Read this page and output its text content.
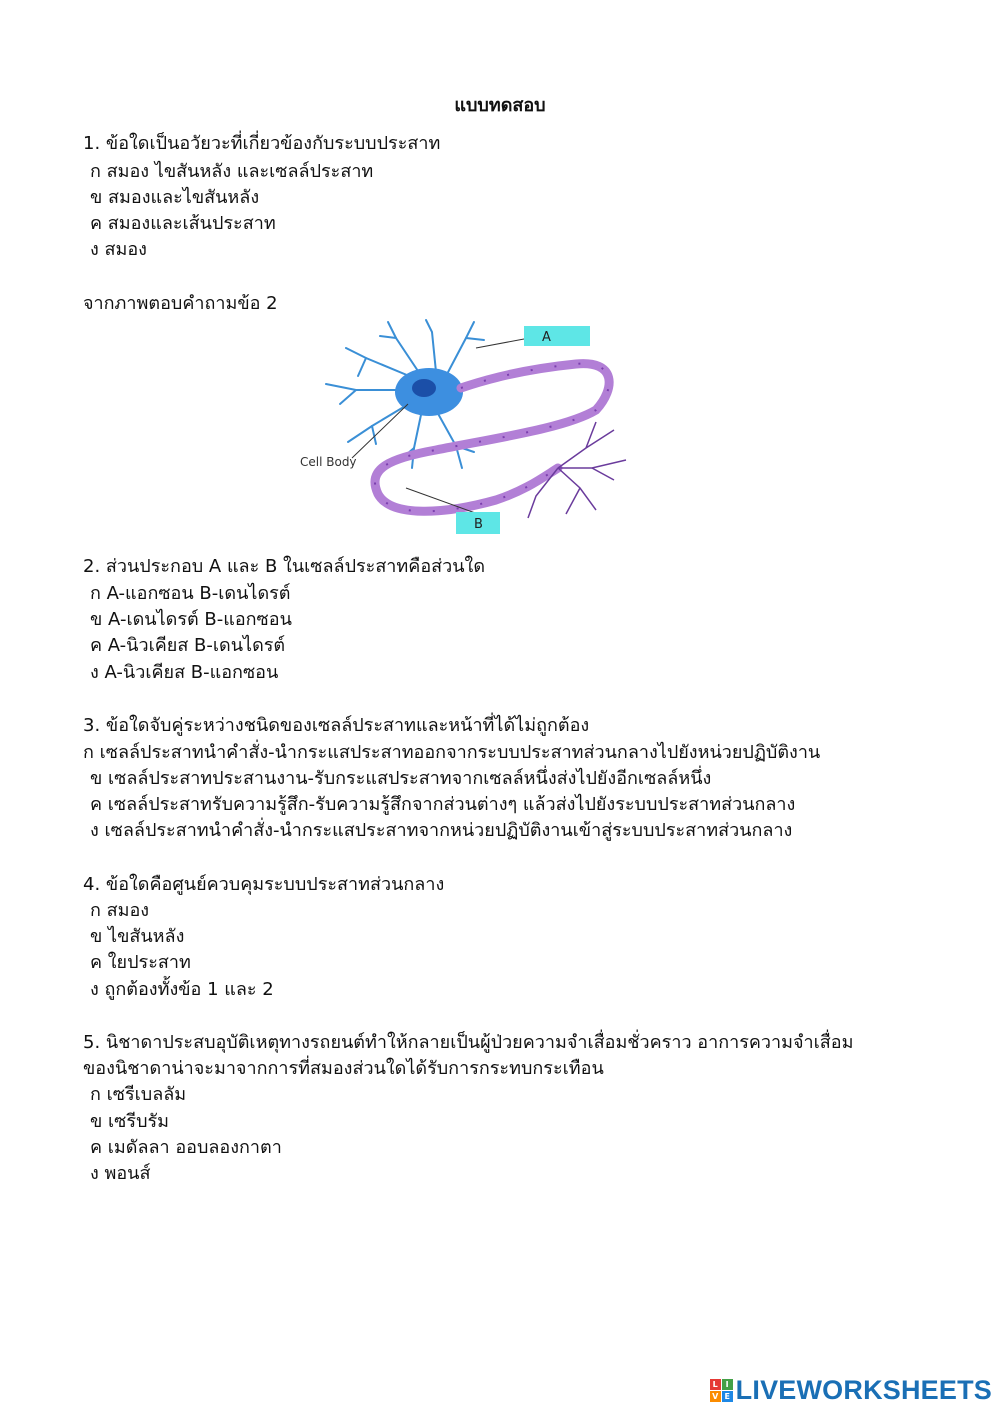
แบบทดสอบ
1. ข้อใดเป็นอวัยวะที่เกี่ยวข้องกับระบบประสาท
ก สมอง ไขสันหลัง และเซลล์ประสาท
ข สมองและไขสันหลัง
ค สมองและเส้นประสาท
ง สมอง
จากภาพตอบคำถามข้อ 2
A
B
Cell Body
2. ส่วนประกอบ A และ B ในเซลล์ประสาทคือส่วนใด
ก A-แอกซอน B-เดนไดรต์
ข A-เดนไดรต์ B-แอกซอน
ค A-นิวเคียส B-เดนไดรต์
ง A-นิวเคียส B-แอกซอน
3. ข้อใดจับคู่ระหว่างชนิดของเซลล์ประสาทและหน้าที่ได้ไม่ถูกต้อง
ก เซลล์ประสาทนำคำสั่ง-นำกระแสประสาทออกจากระบบประสาทส่วนกลางไปยังหน่วยปฏิบัติงาน
ข เซลล์ประสาทประสานงาน-รับกระแสประสาทจากเซลล์หนึ่งส่งไปยังอีกเซลล์หนึ่ง
ค เซลล์ประสาทรับความรู้สึก-รับความรู้สึกจากส่วนต่างๆ แล้วส่งไปยังระบบประสาทส่วนกลาง
ง เซลล์ประสาทนำคำสั่ง-นำกระแสประสาทจากหน่วยปฏิบัติงานเข้าสู่ระบบประสาทส่วนกลาง
4. ข้อใดคือศูนย์ควบคุมระบบประสาทส่วนกลาง
ก สมอง
ข ไขสันหลัง
ค ใยประสาท
ง ถูกต้องทั้งข้อ 1 และ 2
5. นิชาดาประสบอุบัติเหตุทางรถยนต์ทำให้กลายเป็นผู้ป่วยความจำเสื่อมชั่วคราว อาการความจำเสื่อม
ของนิชาดาน่าจะมาจากการที่สมองส่วนใดได้รับการกระทบกระเทือน
ก เซรีเบลลัม
ข เซรีบรัม
ค เมดัลลา ออบลองกาตา
ง พอนส์
L I
V E LIVEWORKSHEETS
